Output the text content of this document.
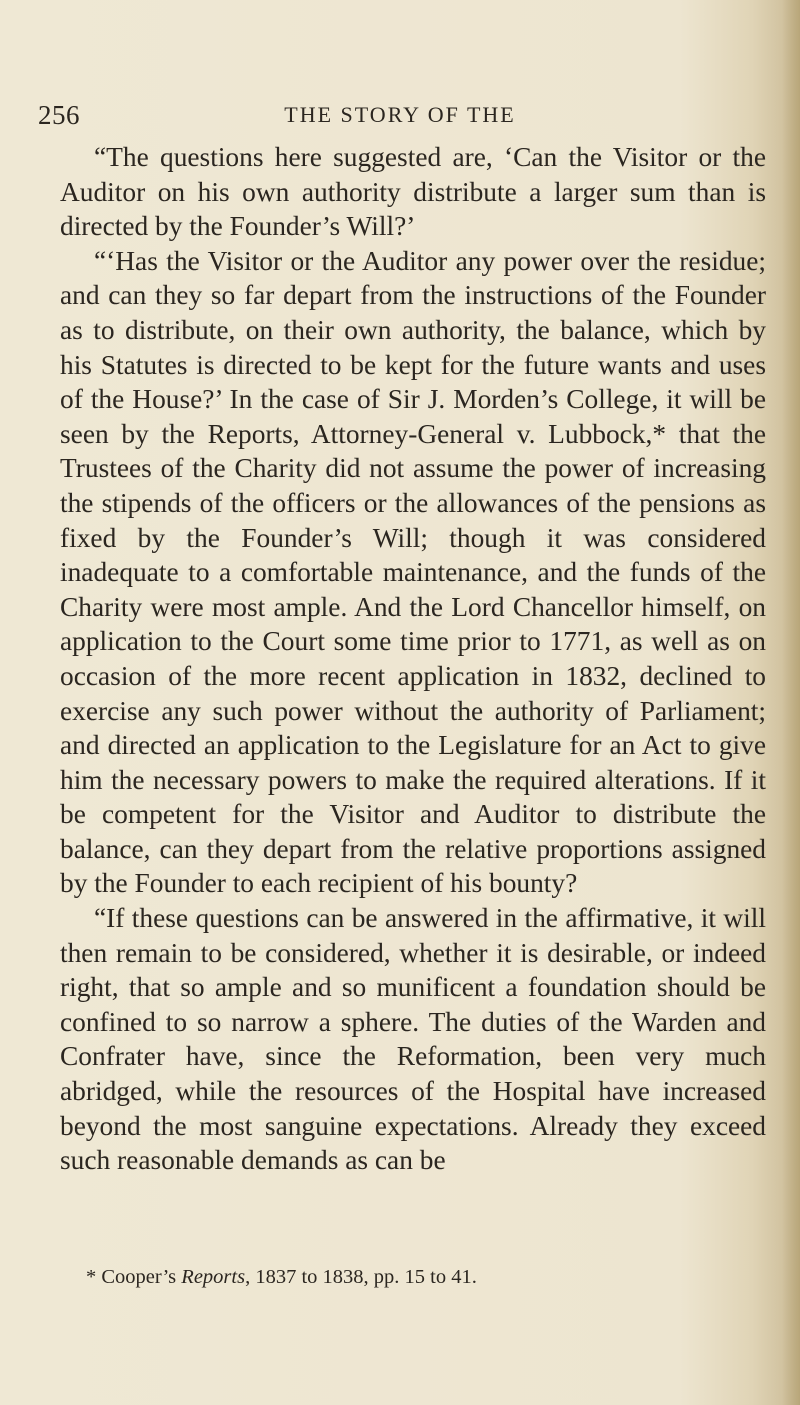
256	THE STORY OF THE

“The questions here suggested are, ‘Can the Visitor or the Auditor on his own authority distribute a larger sum than is directed by the Founder’s Will?’

“‘Has the Visitor or the Auditor any power over the residue; and can they so far depart from the instructions of the Founder as to distribute, on their own authority, the balance, which by his Statutes is directed to be kept for the future wants and uses of the House?’ In the case of Sir J. Morden’s College, it will be seen by the Reports, Attorney-General v. Lubbock,* that the Trustees of the Charity did not assume the power of increasing the stipends of the officers or the allowances of the pensions as fixed by the Founder’s Will; though it was considered inadequate to a comfortable maintenance, and the funds of the Charity were most ample. And the Lord Chancellor himself, on application to the Court some time prior to 1771, as well as on occasion of the more recent application in 1832, declined to exercise any such power without the authority of Parliament; and directed an application to the Legislature for an Act to give him the necessary powers to make the required alterations. If it be competent for the Visitor and Auditor to distribute the balance, can they depart from the relative proportions assigned by the Founder to each recipient of his bounty?

“If these questions can be answered in the affirmative, it will then remain to be considered, whether it is desirable, or indeed right, that so ample and so munificent a foundation should be confined to so narrow a sphere. The duties of the Warden and Confrater have, since the Reformation, been very much abridged, while the resources of the Hospital have increased beyond the most sanguine expectations. Already they exceed such reasonable demands as can be

* Cooper’s Reports, 1837 to 1838, pp. 15 to 41.
